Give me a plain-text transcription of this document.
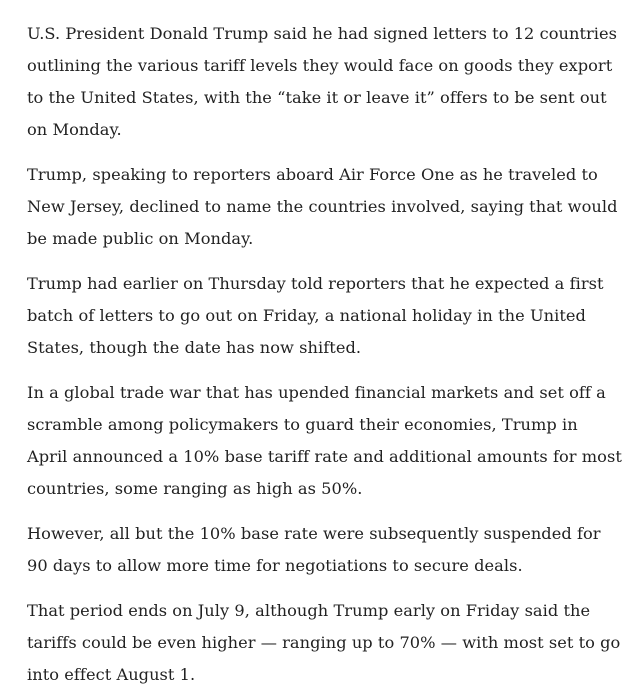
U.S. President Donald Trump said he had signed letters to 12 countries outlining the various tariff levels they would face on goods they export to the United States, with the “take it or leave it” offers to be sent out on Monday.

Trump, speaking to reporters aboard Air Force One as he traveled to New Jersey, declined to name the countries involved, saying that would be made public on Monday.

Trump had earlier on Thursday told reporters that he expected a first batch of letters to go out on Friday, a national holiday in the United States, though the date has now shifted.

In a global trade war that has upended financial markets and set off a scramble among policymakers to guard their economies, Trump in April announced a 10% base tariff rate and additional amounts for most countries, some ranging as high as 50%.

However, all but the 10% base rate were subsequently suspended for 90 days to allow more time for negotiations to secure deals.

That period ends on July 9, although Trump early on Friday said the tariffs could be even higher — ranging up to 70% — with most set to go into effect August 1.
